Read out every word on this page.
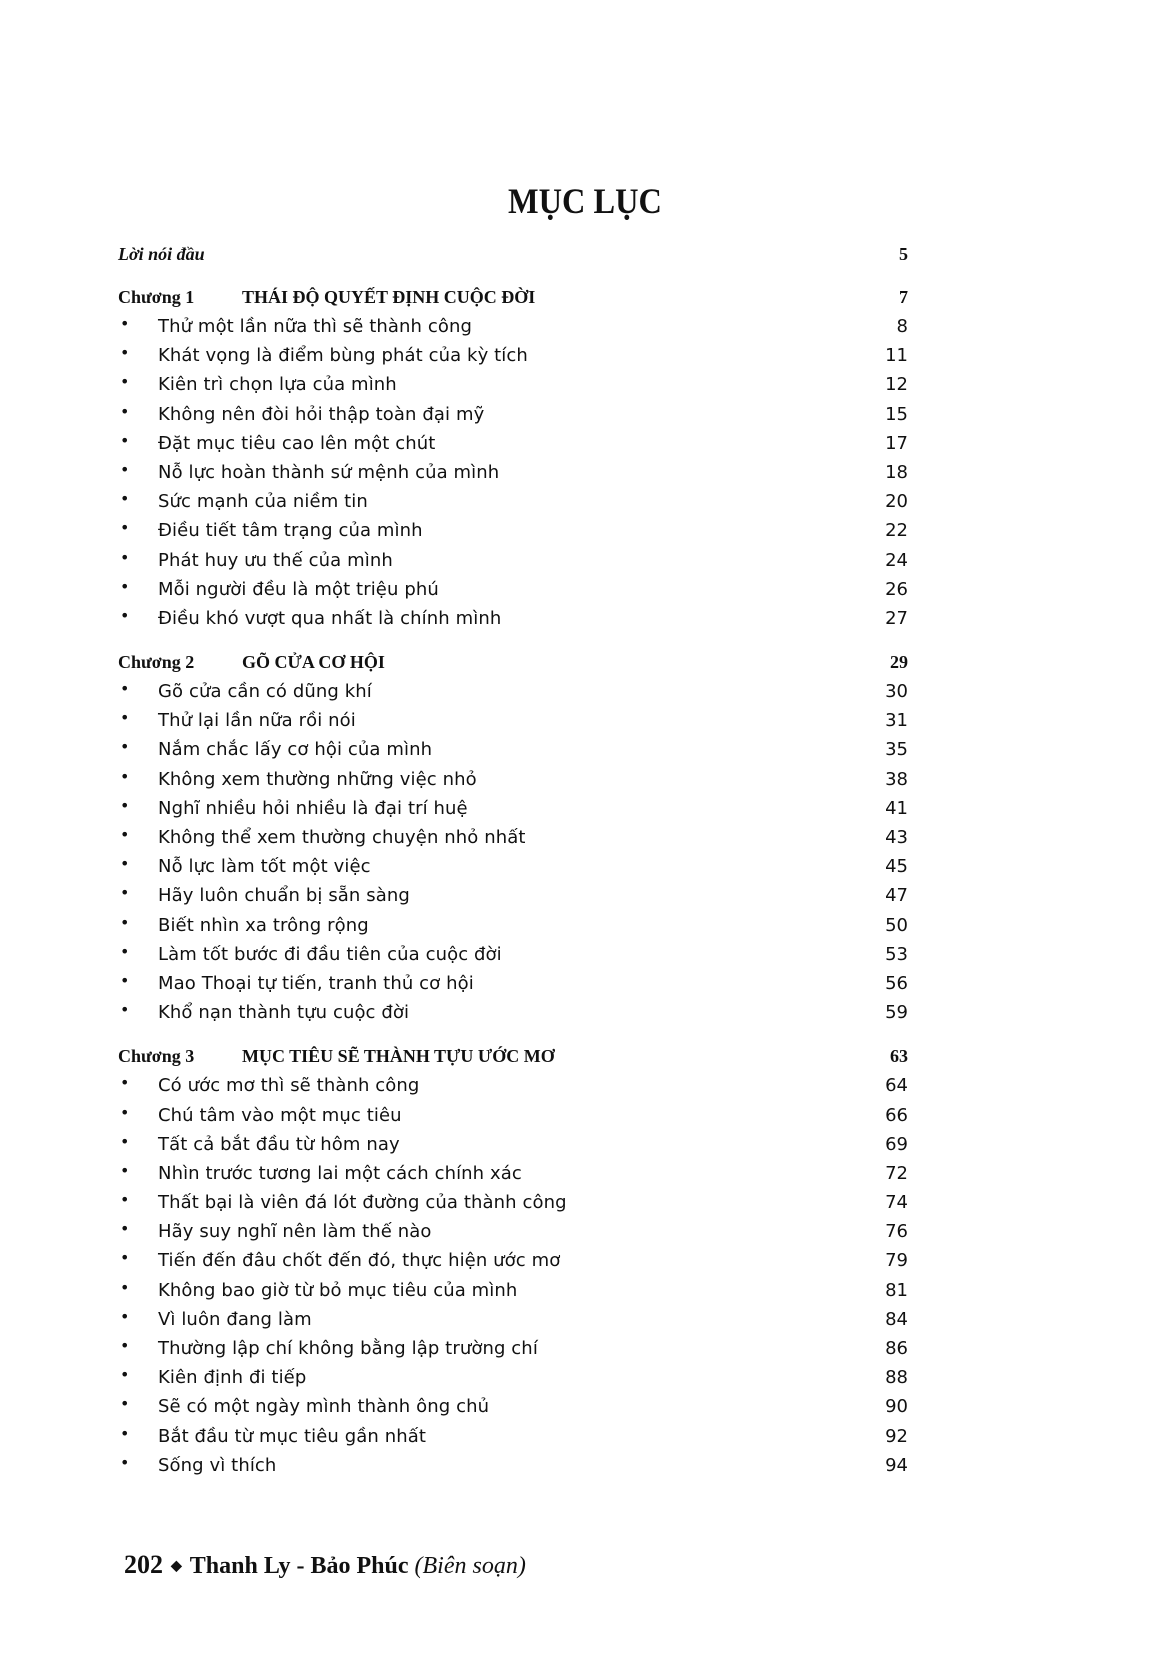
MỤC LỤC
Lời nói đầu	5
Chương 1	THÁI ĐỘ QUYẾT ĐỊNH CUỘC ĐỜI	7
• Thử một lần nữa thì sẽ thành công	8
• Khát vọng là điểm bùng phát của kỳ tích	11
• Kiên trì chọn lựa của mình	12
• Không nên đòi hỏi thập toàn đại mỹ	15
• Đặt mục tiêu cao lên một chút	17
• Nỗ lực hoàn thành sứ mệnh của mình	18
• Sức mạnh của niềm tin	20
• Điều tiết tâm trạng của mình	22
• Phát huy ưu thế của mình	24
• Mỗi người đều là một triệu phú	26
• Điều khó vượt qua nhất là chính mình	27
Chương 2	GÕ CỬA CƠ HỘI	29
• Gõ cửa cần có dũng khí	30
• Thử lại lần nữa rồi nói	31
• Nắm chắc lấy cơ hội của mình	35
• Không xem thường những việc nhỏ	38
• Nghĩ nhiều hỏi nhiều là đại trí huệ	41
• Không thể xem thường chuyện nhỏ nhất	43
• Nỗ lực làm tốt một việc	45
• Hãy luôn chuẩn bị sẵn sàng	47
• Biết nhìn xa trông rộng	50
• Làm tốt bước đi đầu tiên của cuộc đời	53
• Mao Thoại tự tiến, tranh thủ cơ hội	56
• Khổ nạn thành tựu cuộc đời	59
Chương 3	MỤC TIÊU SẼ THÀNH TỰU ƯỚC MƠ	63
• Có ước mơ thì sẽ thành công	64
• Chú tâm vào một mục tiêu	66
• Tất cả bắt đầu từ hôm nay	69
• Nhìn trước tương lai một cách chính xác	72
• Thất bại là viên đá lót đường của thành công	74
• Hãy suy nghĩ nên làm thế nào	76
• Tiến đến đâu chốt đến đó, thực hiện ước mơ	79
• Không bao giờ từ bỏ mục tiêu của mình	81
• Vì luôn đang làm	84
• Thường lập chí không bằng lập trường chí	86
• Kiên định đi tiếp	88
• Sẽ có một ngày mình thành ông chủ	90
• Bắt đầu từ mục tiêu gần nhất	92
• Sống vì thích	94
202 ◆ Thanh Ly - Bảo Phúc (Biên soạn)
